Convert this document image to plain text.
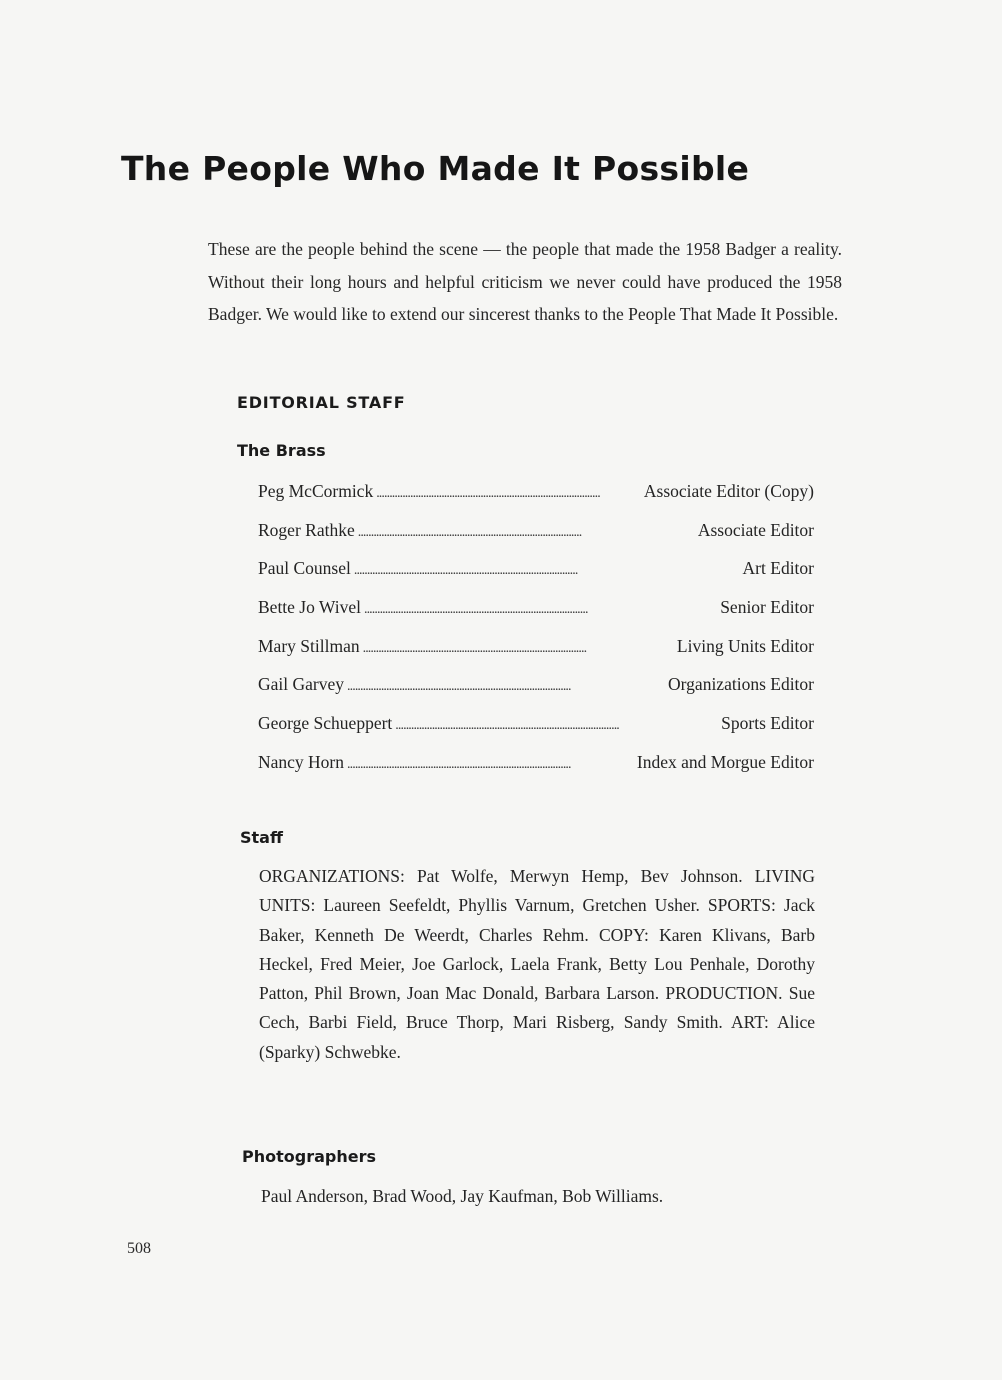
The People Who Made It Possible

These are the people behind the scene — the people that made the 1958 Badger a reality. Without their long hours and helpful criticism we never could have produced the 1958 Badger. We would like to extend our sincerest thanks to the People That Made It Possible.

EDITORIAL STAFF
The Brass
Peg McCormick . . .	Associate Editor (Copy)
Roger Rathke . . .	Associate Editor
Paul Counsel . . .	Art Editor
Bette Jo Wivel . . .	Senior Editor
Mary Stillman . . .	Living Units Editor
Gail Garvey . . .	Organizations Editor
George Schueppert . . .	Sports Editor
Nancy Horn . . .	Index and Morgue Editor
Staff

ORGANIZATIONS: Pat Wolfe, Merwyn Hemp, Bev Johnson. LIVING UNITS: Laureen Seefeldt, Phyllis Varnum, Gretchen Usher. SPORTS: Jack Baker, Kenneth De Weerdt, Charles Rehm. COPY: Karen Klivans, Barb Heckel, Fred Meier, Joe Garlock, Laela Frank, Betty Lou Penhale, Dorothy Patton, Phil Brown, Joan Mac Donald, Barbara Larson. PRODUCTION. Sue Cech, Barbi Field, Bruce Thorp, Mari Risberg, Sandy Smith. ART: Alice (Sparky) Schwebke.

Photographers

Paul Anderson, Brad Wood, Jay Kaufman, Bob Williams.

508
